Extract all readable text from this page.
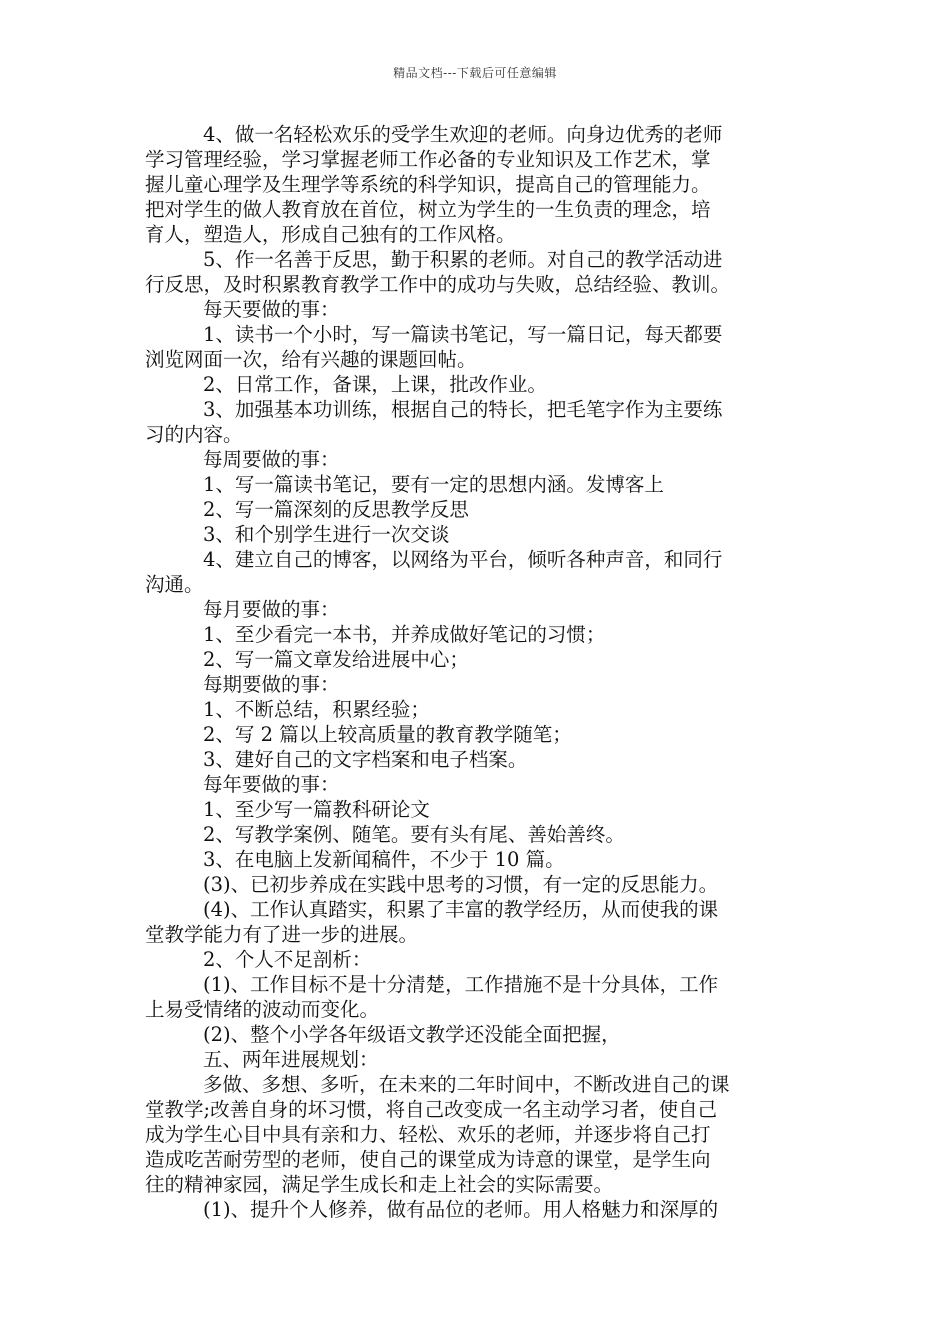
精品文档---下载后可任意编辑
4、做一名轻松欢乐的受学生欢迎的老师。向身边优秀的老师
学习管理经验，学习掌握老师工作必备的专业知识及工作艺术，掌
握儿童心理学及生理学等系统的科学知识，提高自己的管理能力。
把对学生的做人教育放在首位，树立为学生的一生负责的理念，培
育人，塑造人，形成自己独有的工作风格。
5、作一名善于反思，勤于积累的老师。对自己的教学活动进
行反思，及时积累教育教学工作中的成功与失败，总结经验、教训。
每天要做的事：
1、读书一个小时，写一篇读书笔记，写一篇日记，每天都要
浏览网面一次，给有兴趣的课题回帖。
2、日常工作，备课，上课，批改作业。
3、加强基本功训练，根据自己的特长，把毛笔字作为主要练
习的内容。
每周要做的事：
1、写一篇读书笔记，要有一定的思想内涵。发博客上
2、写一篇深刻的反思教学反思
3、和个别学生进行一次交谈
4、建立自己的博客，以网络为平台，倾听各种声音，和同行
沟通。
每月要做的事：
1、至少看完一本书，并养成做好笔记的习惯；
2、写一篇文章发给进展中心；
每期要做的事：
1、不断总结，积累经验；
2、写 2 篇以上较高质量的教育教学随笔；
3、建好自己的文字档案和电子档案。
每年要做的事：
1、至少写一篇教科研论文
2、写教学案例、随笔。要有头有尾、善始善终。
3、在电脑上发新闻稿件，不少于 10 篇。
(3)、已初步养成在实践中思考的习惯，有一定的反思能力。
(4)、工作认真踏实，积累了丰富的教学经历，从而使我的课
堂教学能力有了进一步的进展。
2、个人不足剖析：
(1)、工作目标不是十分清楚，工作措施不是十分具体，工作
上易受情绪的波动而变化。
(2)、整个小学各年级语文教学还没能全面把握，
五、两年进展规划：
多做、多想、多听，在未来的二年时间中，不断改进自己的课
堂教学;改善自身的坏习惯，将自己改变成一名主动学习者，使自己
成为学生心目中具有亲和力、轻松、欢乐的老师，并逐步将自己打
造成吃苦耐劳型的老师，使自己的课堂成为诗意的课堂，是学生向
往的精神家园，满足学生成长和走上社会的实际需要。
(1)、提升个人修养，做有品位的老师。用人格魅力和深厚的
